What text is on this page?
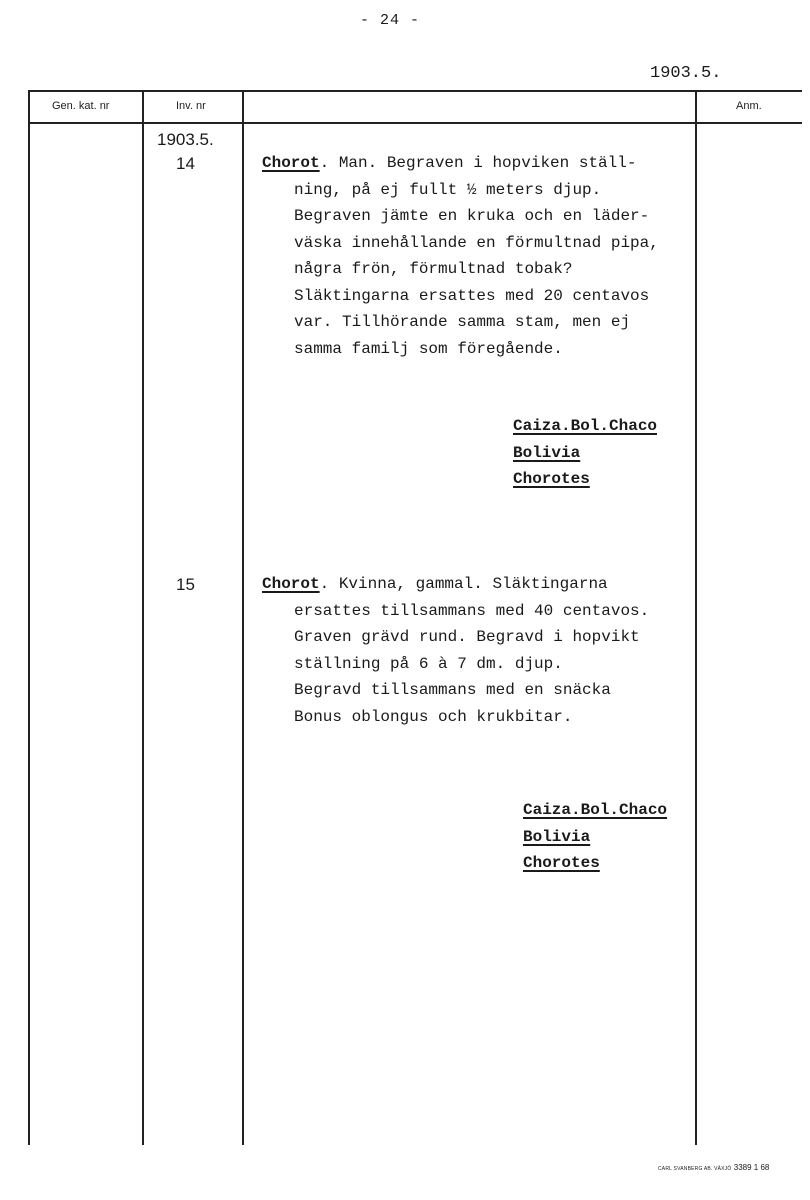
- 24 -
1903.5.
Gen. kat. nr	Inv. nr	Anm.
1903.5.
14
15
Chorot. Man. Begraven i hopviken ställ-
ning, på ej fullt ½ meters djup.
Begraven jämte en kruka och en läder-
väska innehållande en förmultnad pipa,
några frön, förmultnad tobak?
Släktingarna ersattes med 20 centavos
var. Tillhörande samma stam, men ej
samma familj som föregående.
Caiza.Bol.Chaco
Bolivia
Chorotes
Chorot. Kvinna, gammal. Släktingarna
ersattes tillsammans med 40 centavos.
Graven grävd rund. Begravd i hopvikt
ställning på 6 à 7 dm. djup.
Begravd tillsammans med en snäcka
Bonus oblongus och krukbitar.
Caiza.Bol.Chaco
Bolivia
Chorotes
CARL SVANBERG AB. VÄXJÖ 3389 1 68
